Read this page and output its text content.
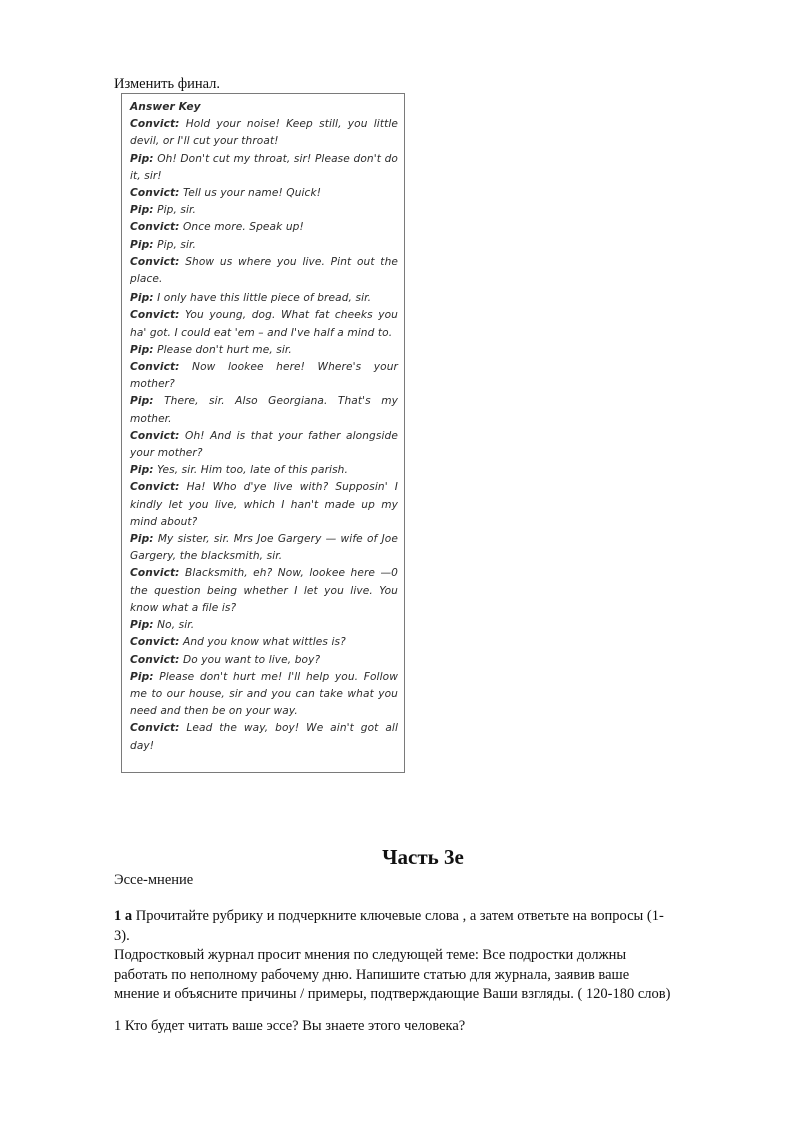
Изменить финал.
Answer Key
Convict: Hold your noise! Keep still, you little devil, or I'll cut your throat!
Pip: Oh! Don't cut my throat, sir! Please don't do it, sir!
Convict: Tell us your name! Quick!
Pip: Pip, sir.
Convict: Once more. Speak up!
Pip: Pip, sir.
Convict: Show us where you live. Pint out the place.
Pip: I only have this little piece of bread, sir.
Convict: You young, dog. What fat cheeks you ha' got. I could eat 'em – and I've half a mind to.
Pip: Please don't hurt me, sir.
Convict: Now lookee here! Where's your mother?
Pip: There, sir. Also Georgiana. That's my mother.
Convict: Oh! And is that your father alongside your mother?
Pip: Yes, sir. Him too, late of this parish.
Convict: Ha! Who d'ye live with? Supposin' I kindly let you live, which I han't made up my mind about?
Pip: My sister, sir. Mrs Joe Gargery — wife of Joe Gargery, the blacksmith, sir.
Convict: Blacksmith, eh? Now, lookee here —0 the question being whether I let you live. You know what a file is?
Pip: No, sir.
Convict: And you know what wittles is?
Convict: Do you want to live, boy?
Pip: Please don't hurt me! I'll help you. Follow me to our house, sir and you can take what you need and then be on your way.
Convict: Lead the way, boy! We ain't got all day!
Часть 3е
Эссе-мнение
1 а Прочитайте рубрику и подчеркните ключевые слова , а затем ответьте на вопросы (1-
3).
Подростковый журнал просит мнения по следующей теме: Все подростки должны
работать по неполному рабочему дню. Напишите статью для журнала, заявив ваше
мнение и объясните причины / примеры, подтверждающие Ваши взгляды. ( 120-180 слов)
1 Кто будет читать ваше эссе? Вы знаете этого человека?
